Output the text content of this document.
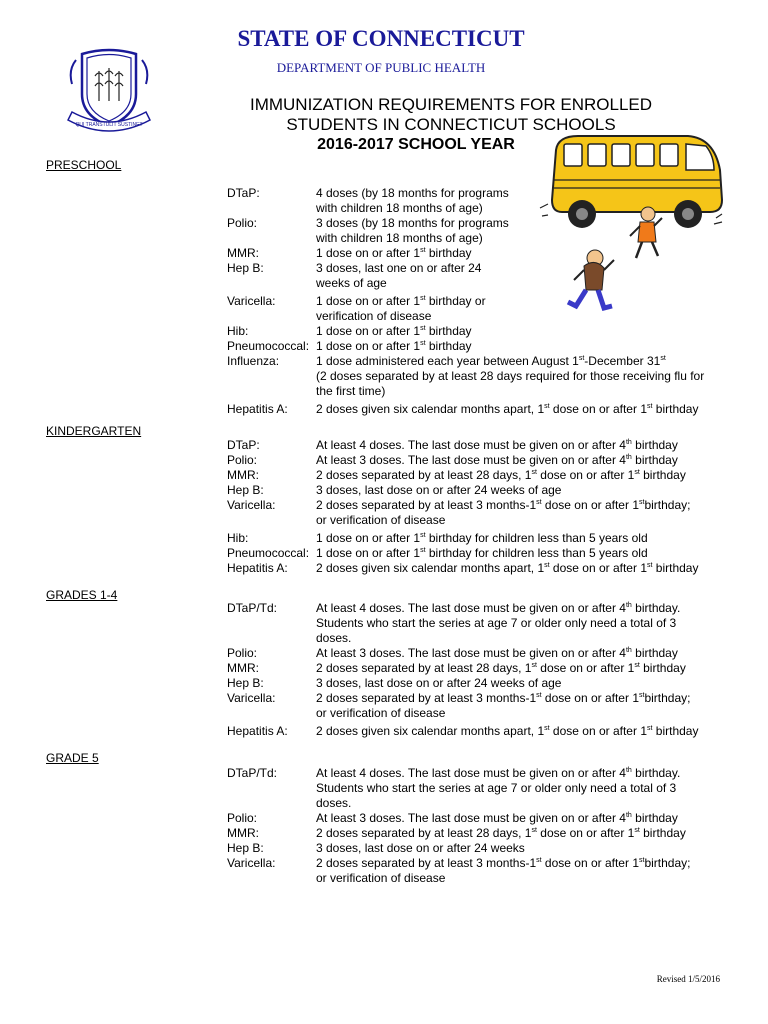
QUI TRANSTULIT SUSTINET
STATE OF CONNECTICUT
DEPARTMENT OF PUBLIC HEALTH
IMMUNIZATION REQUIREMENTS FOR ENROLLED
STUDENTS IN CONNECTICUT SCHOOLS
2016-2017 SCHOOL YEAR
PRESCHOOL
DTaP:	4 doses (by 18 months for programs
with children 18 months of age)
Polio:	3 doses (by 18 months for programs
with children 18 months of age)
MMR:	1 dose on or after 1st birthday
Hep B:	3 doses, last one on or after 24
weeks of age
Varicella:	1 dose on or after 1st birthday or
verification of disease
Hib:	1 dose on or after 1st birthday
Pneumococcal: 1 dose on or after 1st birthday
Influenza:	1 dose administered each year between August 1st-December 31st
(2 doses separated by at least 28 days required for those receiving flu for
the first time)
Hepatitis A:	2 doses given six calendar months apart, 1st dose on or after 1st birthday
KINDERGARTEN
DTaP:	At least 4 doses. The last dose must be given on or after 4th birthday
Polio:	At least 3 doses. The last dose must be given on or after 4th birthday
MMR:	2 doses separated by at least 28 days, 1st dose on or after 1st birthday
Hep B:	3 doses, last dose on or after 24 weeks of age
Varicella:	2 doses separated by at least 3 months-1st dose on or after 1stbirthday;
or verification of disease
Hib:	1 dose on or after 1st birthday for children less than 5 years old
Pneumococcal: 1 dose on or after 1st birthday for children less than 5 years old
Hepatitis A:	2 doses given six calendar months apart, 1st dose on or after 1st birthday
GRADES 1-4
DTaP/Td:	At least 4 doses. The last dose must be given on or after 4th birthday.
Students who start the series at age 7 or older only need a total of 3
doses.
Polio:	At least 3 doses. The last dose must be given on or after 4th birthday
MMR:	2 doses separated by at least 28 days, 1st dose on or after 1st birthday
Hep B:	3 doses, last dose on or after 24 weeks of age
Varicella:	2 doses separated by at least 3 months-1st dose on or after 1stbirthday;
or verification of disease
Hepatitis A:	2 doses given six calendar months apart, 1st dose on or after 1st birthday
GRADE 5
DTaP/Td:	At least 4 doses. The last dose must be given on or after 4th birthday.
Students who start the series at age 7 or older only need a total of 3
doses.
Polio:	At least 3 doses. The last dose must be given on or after 4th birthday
MMR:	2 doses separated by at least 28 days, 1st dose on or after 1st birthday
Hep B:	3 doses, last dose on or after 24 weeks
Varicella:	2 doses separated by at least 3 months-1st dose on or after 1stbirthday;
or verification of disease
Revised 1/5/2016
